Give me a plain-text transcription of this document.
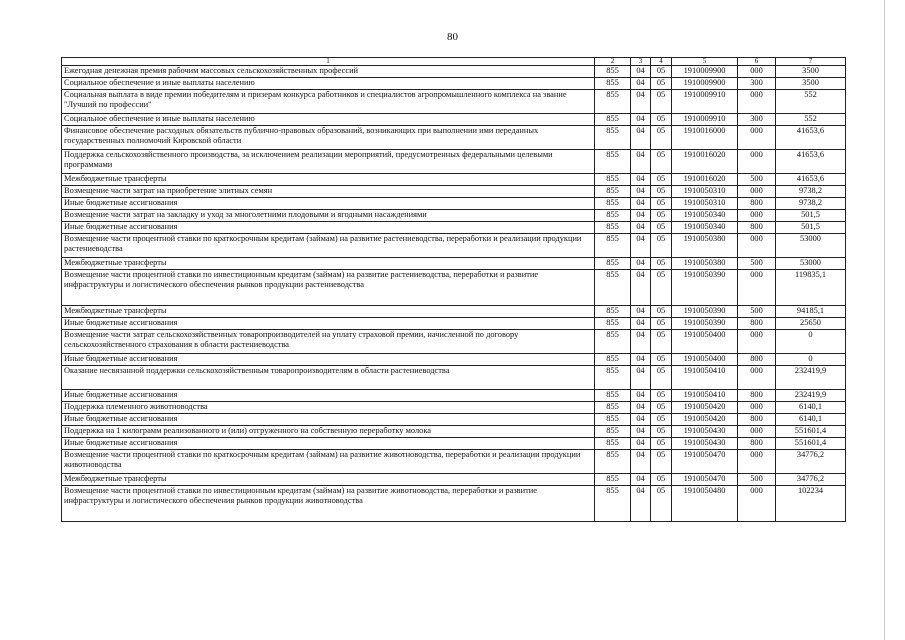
80
1	2	3	4	5	6	7
Ежегодная денежная премия рабочим массовых сельскохозяйственных профессий	855	04	05	1910009900	000	3500
Социальное обеспечение и иные выплаты населению	855	04	05	1910009900	300	3500
Социальная выплата в виде премии победителям и призерам конкурса работников и специалистов агропромышленного комплекса на звание "Лучший по профессии"	855	04	05	1910009910	000	552
Социальное обеспечение и иные выплаты населению	855	04	05	1910009910	300	552
Финансовое обеспечение расходных обязательств публично-правовых образований, возникающих при выполнении ими переданных государственных полномочий Кировской области	855	04	05	1910016000	000	41653,6
Поддержка сельскохозяйственного производства, за исключением реализации мероприятий, предусмотренных федеральными целевыми программами	855	04	05	1910016020	000	41653,6
Межбюджетные трансферты	855	04	05	1910016020	500	41653,6
Возмещение части затрат на приобретение элитных семян	855	04	05	1910050310	000	9738,2
Иные бюджетные ассигнования	855	04	05	1910050310	800	9738,2
Возмещение части затрат на закладку и уход за многолетними плодовыми и ягодными насаждениями	855	04	05	1910050340	000	501,5
Иные бюджетные ассигнования	855	04	05	1910050340	800	501,5
Возмещение части процентной ставки по краткосрочным кредитам (займам) на развитие растениеводства, переработки и реализации продукции растениеводства	855	04	05	1910050380	000	53000
Межбюджетные трансферты	855	04	05	1910050380	500	53000
Возмещение части процентной ставки по инвестиционным кредитам (займам) на развитие растениеводства, переработки и развитие инфраструктуры и логистического обеспечения рынков продукции растениеводства	855	04	05	1910050390	000	119835,1
Межбюджетные трансферты	855	04	05	1910050390	500	94185,1
Иные бюджетные ассигнования	855	04	05	1910050390	800	25650
Возмещение части затрат сельскохозяйственных товаропроизводителей на уплату страховой премии, начисленной по договору сельскохозяйственного страхования в области растениеводства	855	04	05	1910050400	000	0
Иные бюджетные ассигнования	855	04	05	1910050400	800	0
Оказание несвязанной поддержки сельскохозяйственным товаропроизводителям в области растениеводства	855	04	05	1910050410	000	232419,9
Иные бюджетные ассигнования	855	04	05	1910050410	800	232419,9
Поддержка племенного животноводства	855	04	05	1910050420	000	6140,1
Иные бюджетные ассигнования	855	04	05	1910050420	800	6140,1
Поддержка на 1 килограмм реализованного и (или) отгруженного на собственную переработку молока	855	04	05	1910050430	000	551601,4
Иные бюджетные ассигнования	855	04	05	1910050430	800	551601,4
Возмещение части процентной ставки по краткосрочным кредитам (займам) на развитие животноводства, переработки и реализации продукции животноводства	855	04	05	1910050470	000	34776,2
Межбюджетные трансферты	855	04	05	1910050470	500	34776,2
Возмещение части процентной ставки по инвестиционным кредитам (займам) на развитие животноводства, переработки и развитие инфраструктуры и логистического обеспечения рынков продукции животноводства	855	04	05	1910050480	000	102234
